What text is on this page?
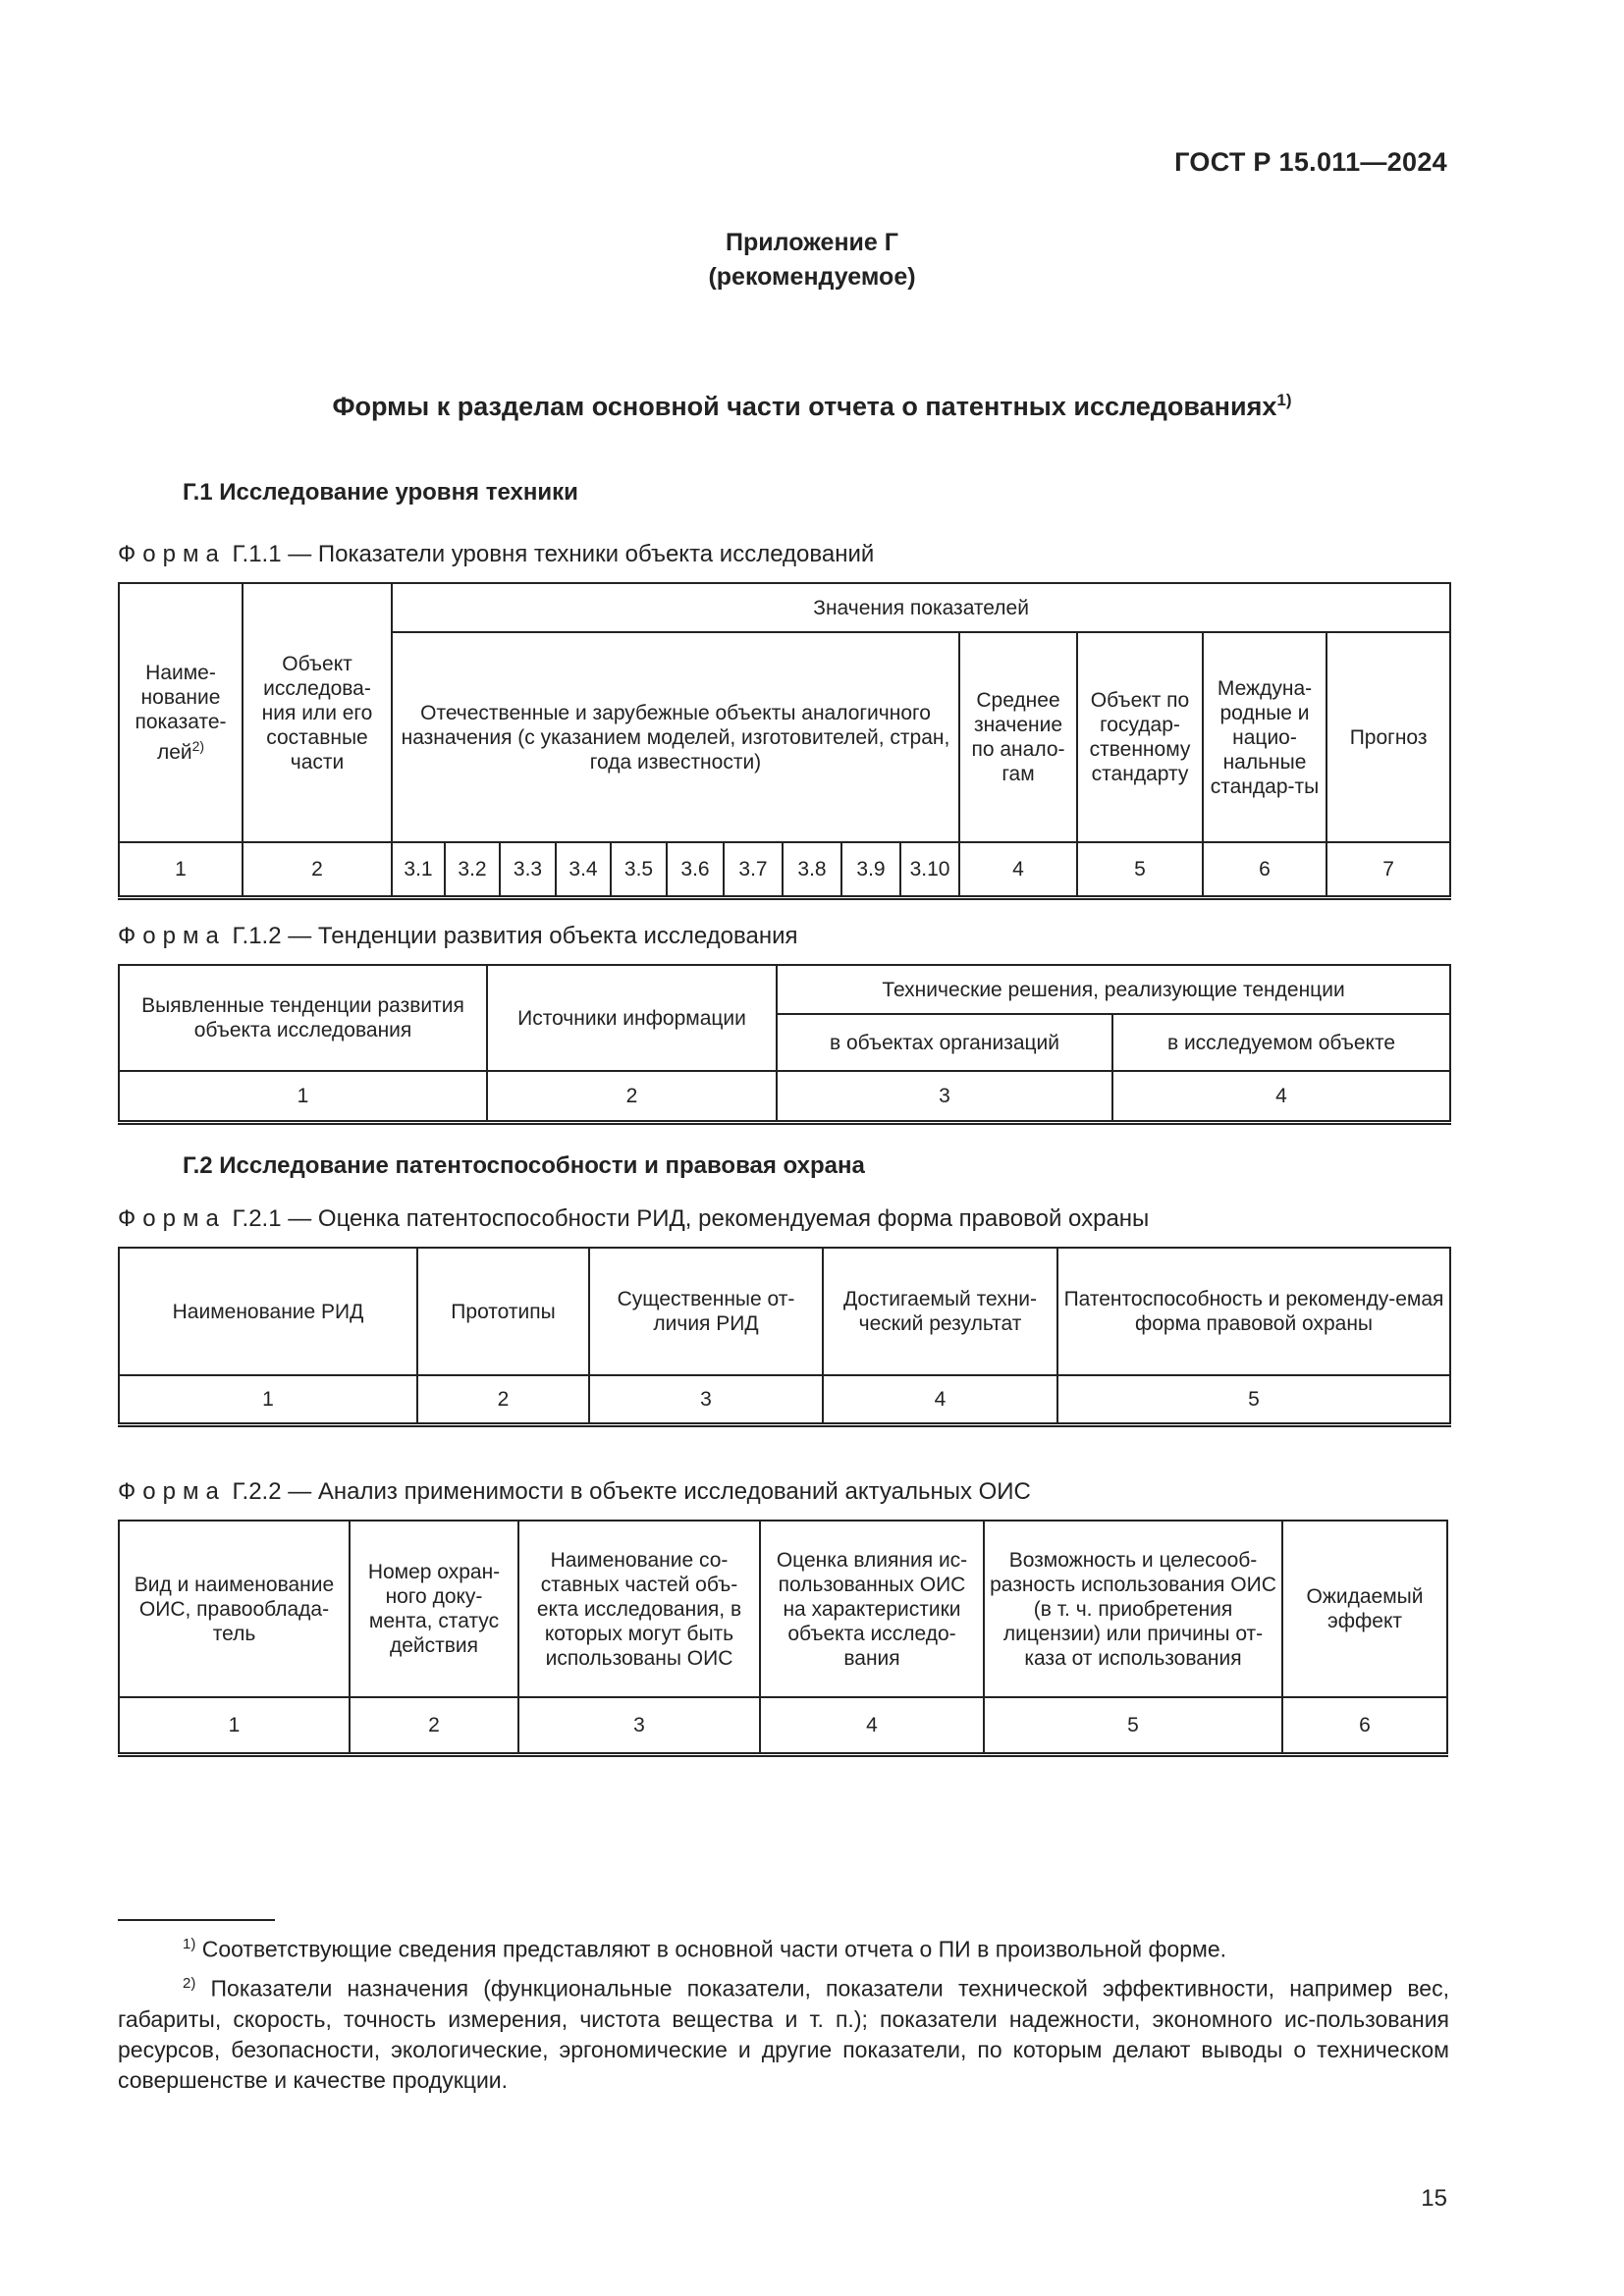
ГОСТ Р 15.011—2024
Приложение Г
(рекомендуемое)
Формы к разделам основной части отчета о патентных исследованиях$^{1)}$
Г.1 Исследование уровня техники
Форма Г.1.1 — Показатели уровня техники объекта исследований
Наиме-нование показате-лей$^{2)}$	Объект исследова-ния или его составные части	Значения показателей													
		Отечественные и зарубежные объекты аналогичного назначения (с указанием моделей, изготовителей, стран, года известности)										Среднее значение по анало-гам	Объект по государ-ственному стандарту	Междуна-родные и нацио-нальные стандар-ты	Прогноз
1	2	3.1	3.2	3.3	3.4	3.5	3.6	3.7	3.8	3.9	3.10	4	5	6	7
Форма Г.1.2 — Тенденции развития объекта исследования
Выявленные тенденции развития объекта исследования	Источники информации	Технические решения, реализующие тенденции	
		в объектах организаций	в исследуемом объекте
1	2	3	4
Г.2 Исследование патентоспособности и правовая охрана
Форма Г.2.1 — Оценка патентоспособности РИД, рекомендуемая форма правовой охраны
Наименование РИД	Прототипы	Существенные от-личия РИД	Достигаемый техни-ческий результат	Патентоспособность и рекоменду-емая форма правовой охраны
1	2	3	4	5
Форма Г.2.2 — Анализ применимости в объекте исследований актуальных ОИС
Вид и наименование ОИС, правооблада-тель	Номер охран-ного доку-мента, статус действия	Наименование со-ставных частей объ-екта исследования, в которых могут быть использованы ОИС	Оценка влияния ис-пользованных ОИС на характеристики объекта исследо-вания	Возможность и целесооб-разность использования ОИС (в т. ч. приобретения лицензии) или причины от-каза от использования	Ожидаемый эффект
1	2	3	4	5	6
$^{1)}$ Соответствующие сведения представляют в основной части отчета о ПИ в произвольной форме.
$^{2)}$ Показатели назначения (функциональные показатели, показатели технической эффективности, например вес, габариты, скорость, точность измерения, чистота вещества и т. п.); показатели надежности, экономного ис-пользования ресурсов, безопасности, экологические, эргономические и другие показатели, по которым делают выводы о техническом совершенстве и качестве продукции.
15
